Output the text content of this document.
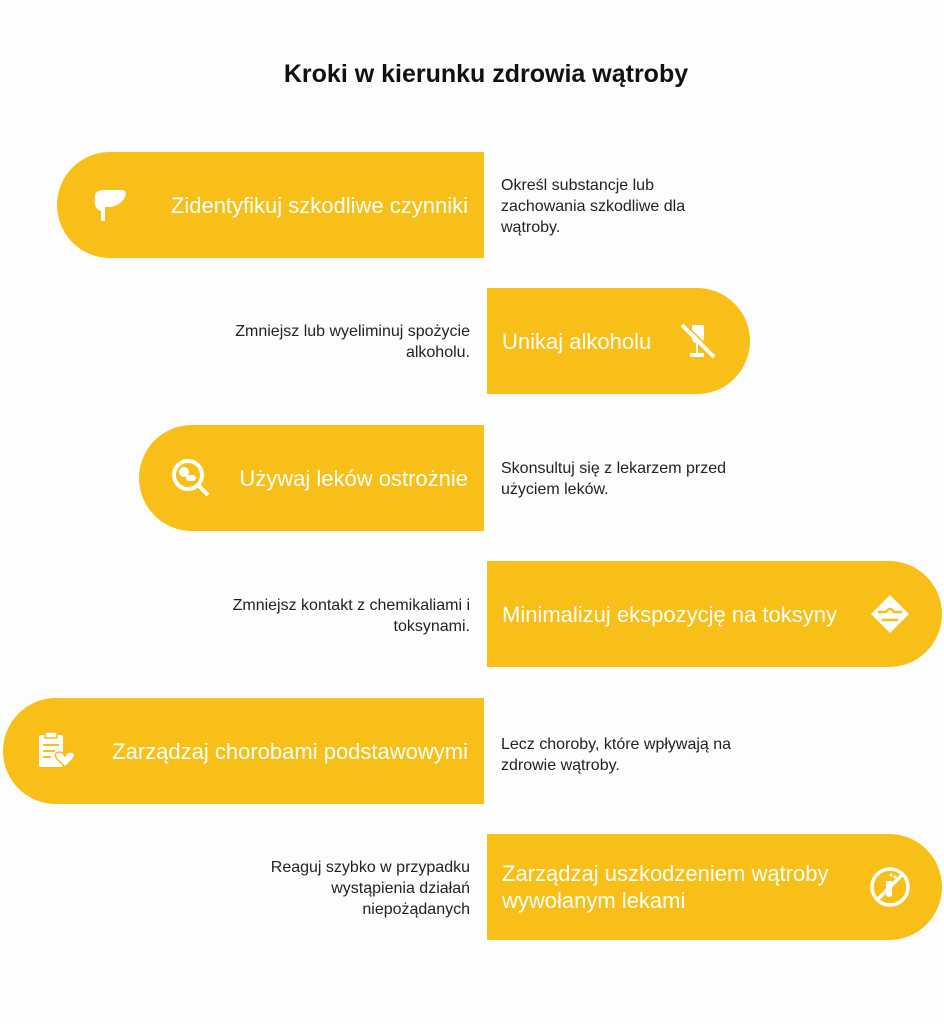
Kroki w kierunku zdrowia wątroby
Zidentyfikuj szkodliwe czynniki
Określ substancje lub zachowania szkodliwe dla wątroby.
Unikaj alkoholu
Zmniejsz lub wyeliminuj spożycie alkoholu.
Używaj leków ostrożnie	Skonsultuj się z lekarzem przed użyciem leków.
Minimalizuj ekspozycję na toksyny
Zmniejsz kontakt z chemikaliami i toksynami.
Zarządzaj chorobami podstawowymi	Lecz choroby, które wpływają na zdrowie wątroby.
Zarządzaj uszkodzeniem wątroby wywołanym lekami
Reaguj szybko w przypadku wystąpienia działań niepożądanych
